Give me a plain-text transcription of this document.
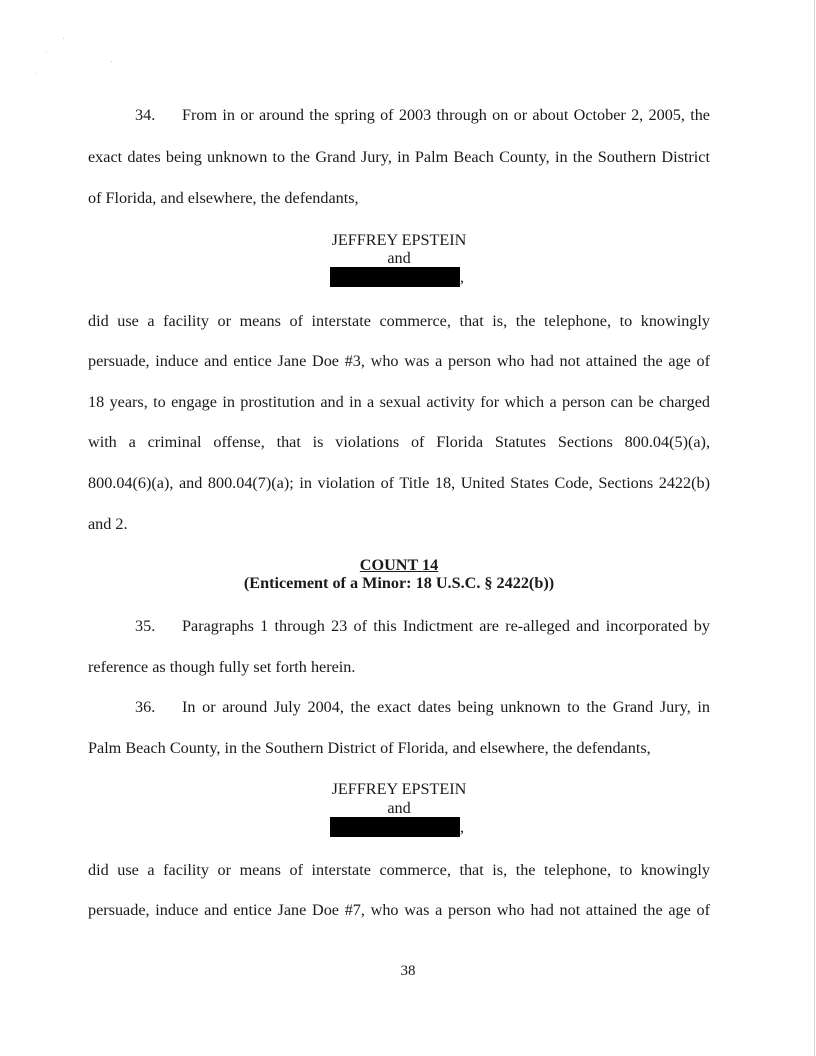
34.	From in or around the spring of 2003 through on or about October 2, 2005, the
exact dates being unknown to the Grand Jury, in Palm Beach County, in the Southern District
of Florida, and elsewhere, the defendants,
JEFFREY EPSTEIN
and
,
did use a facility or means of interstate commerce, that is, the telephone, to knowingly
persuade, induce and entice Jane Doe #3, who was a person who had not attained the age of
18 years, to engage in prostitution and in a sexual activity for which a person can be charged
with a criminal offense, that is violations of Florida Statutes Sections 800.04(5)(a),
800.04(6)(a), and 800.04(7)(a); in violation of Title 18, United States Code, Sections 2422(b)
and 2.
COUNT 14
(Enticement of a Minor: 18 U.S.C. § 2422(b))
35.	Paragraphs 1 through 23 of this Indictment are re-alleged and incorporated by
reference as though fully set forth herein.
36.	In or around July 2004, the exact dates being unknown to the Grand Jury, in
Palm Beach County, in the Southern District of Florida, and elsewhere, the defendants,
JEFFREY EPSTEIN
and
,
did use a facility or means of interstate commerce, that is, the telephone, to knowingly
persuade, induce and entice Jane Doe #7, who was a person who had not attained the age of
38
